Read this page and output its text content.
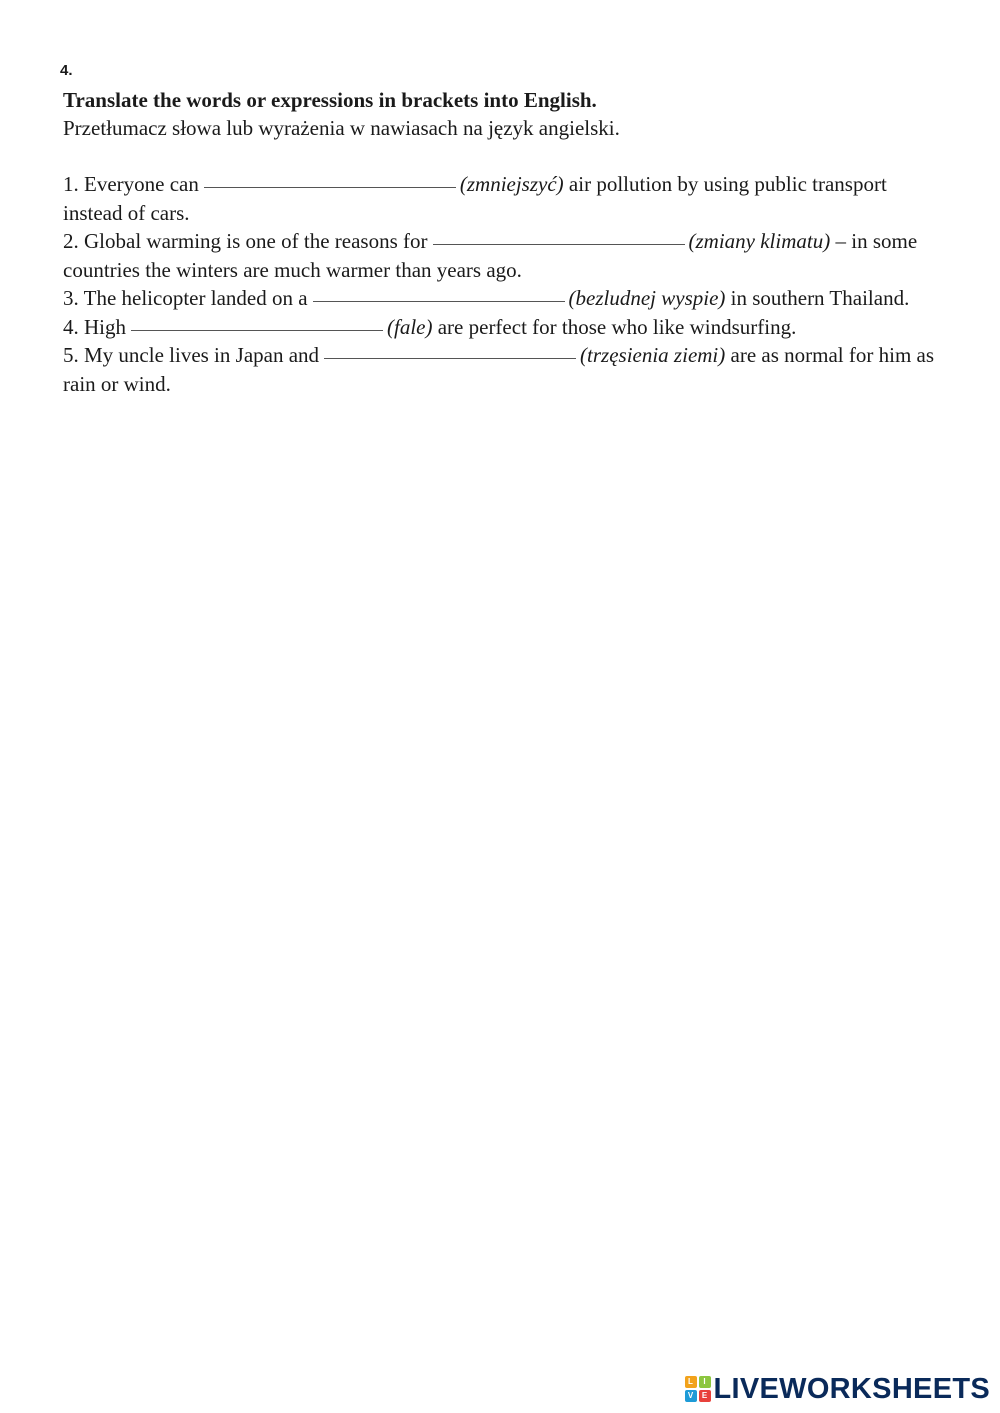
4.

Translate the words or expressions in brackets into English.

Przetłumacz słowa lub wyrażenia w nawiasach na język angielski.

1. Everyone can	(zmniejszyć) air pollution by using public transport instead of cars.

2. Global warming is one of the reasons for	(zmiany klimatu) – in some countries the winters are much warmer than years ago.

3. The helicopter landed on a	(bezludnej wyspie) in southern Thailand.

4. High	(fale) are perfect for those who like windsurfing.

5. My uncle lives in Japan and	(trzęsienia ziemi) are as normal for him as rain or wind.

L	I
V	E LIVEWORKSHEETS
